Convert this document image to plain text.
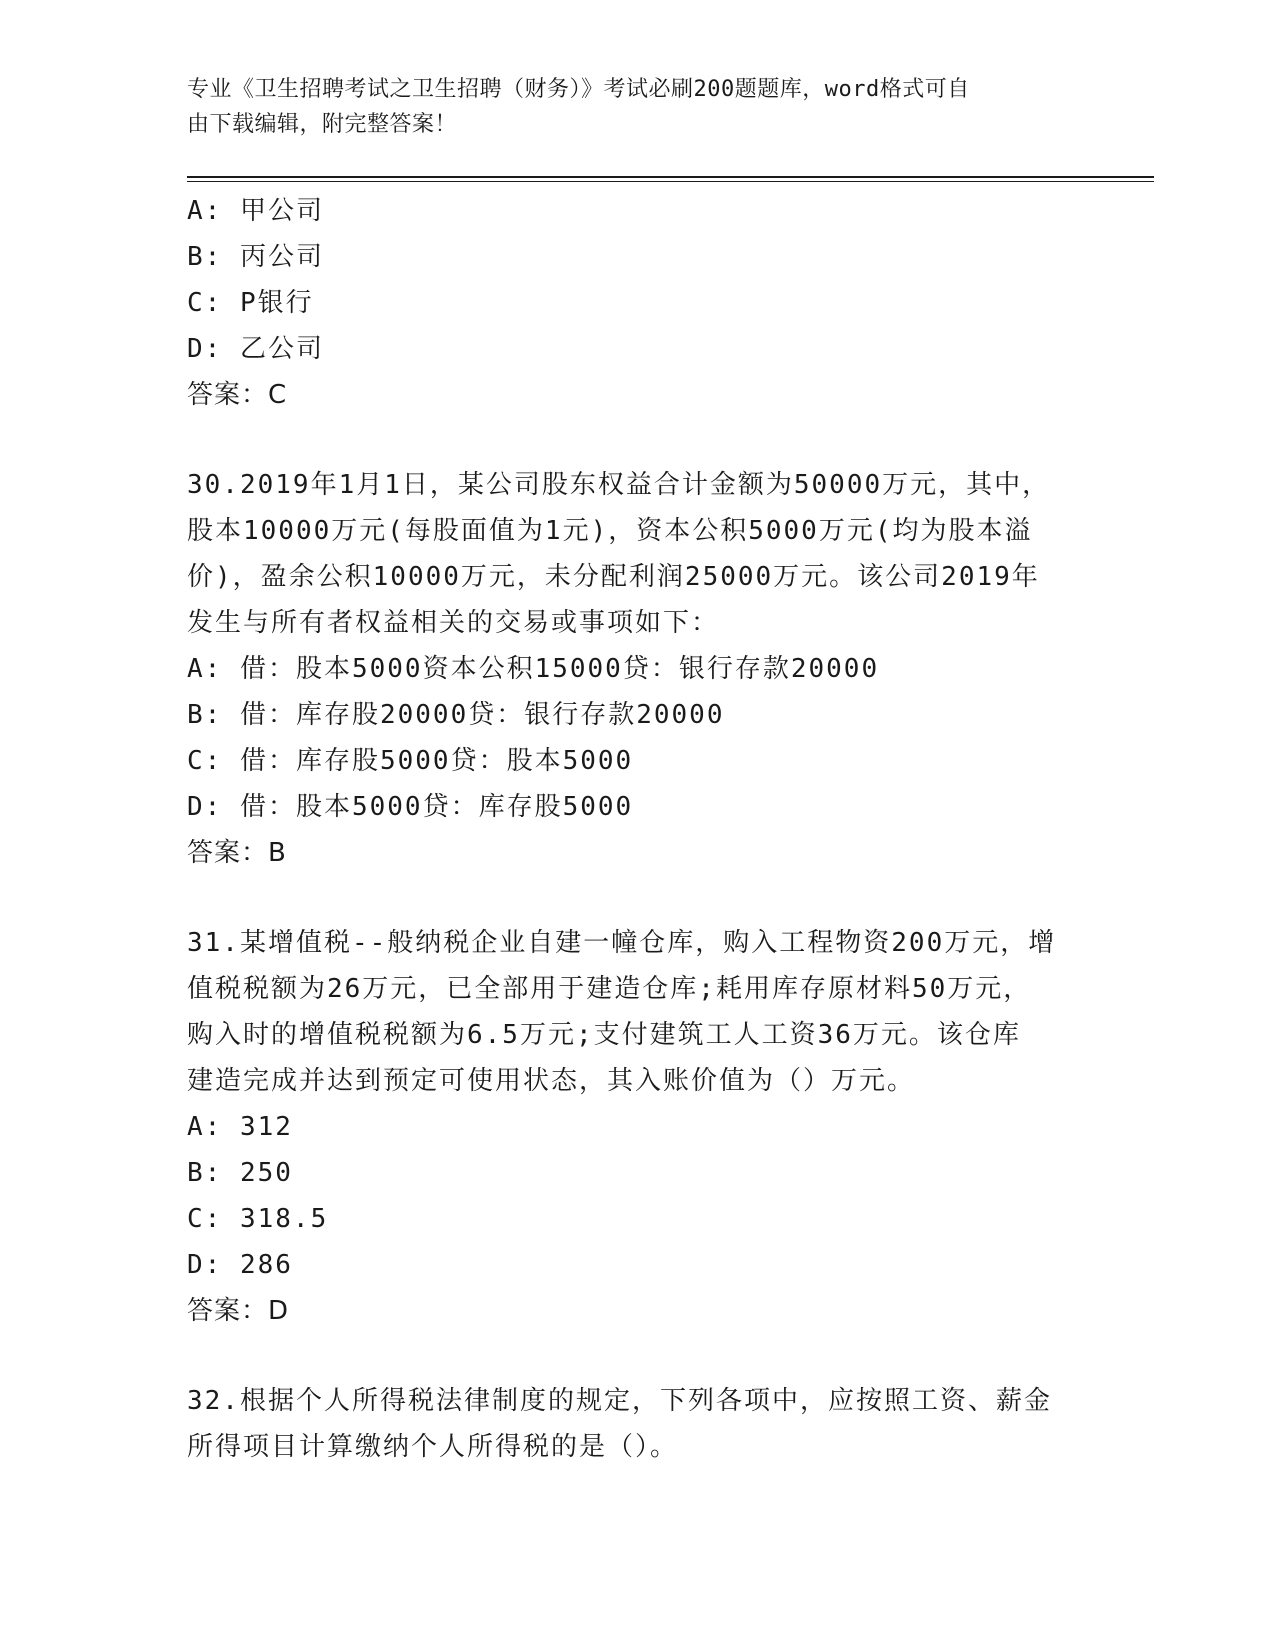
专业《卫生招聘考试之卫生招聘（财务）》考试必刷200题题库，word格式可自
由下载编辑，附完整答案！
A: 甲公司
B: 丙公司
C: P银行
D: 乙公司
答案：C
30.2019年1月1日，某公司股东权益合计金额为50000万元，其中，
股本10000万元(每股面值为1元)，资本公积5000万元(均为股本溢
价)，盈余公积10000万元，未分配利润25000万元。该公司2019年
发生与所有者权益相关的交易或事项如下：
A: 借：股本5000资本公积15000贷：银行存款20000
B: 借：库存股20000贷：银行存款20000
C: 借：库存股5000贷：股本5000
D: 借：股本5000贷：库存股5000
答案：B
31.某增值税--般纳税企业自建一幢仓库，购入工程物资200万元，增
值税税额为26万元，已全部用于建造仓库;耗用库存原材料50万元，
购入时的增值税税额为6.5万元;支付建筑工人工资36万元。该仓库
建造完成并达到预定可使用状态，其入账价值为（）万元。
A: 312
B: 250
C: 318.5
D: 286
答案：D
32.根据个人所得税法律制度的规定，下列各项中，应按照工资、薪金
所得项目计算缴纳个人所得税的是（）。
